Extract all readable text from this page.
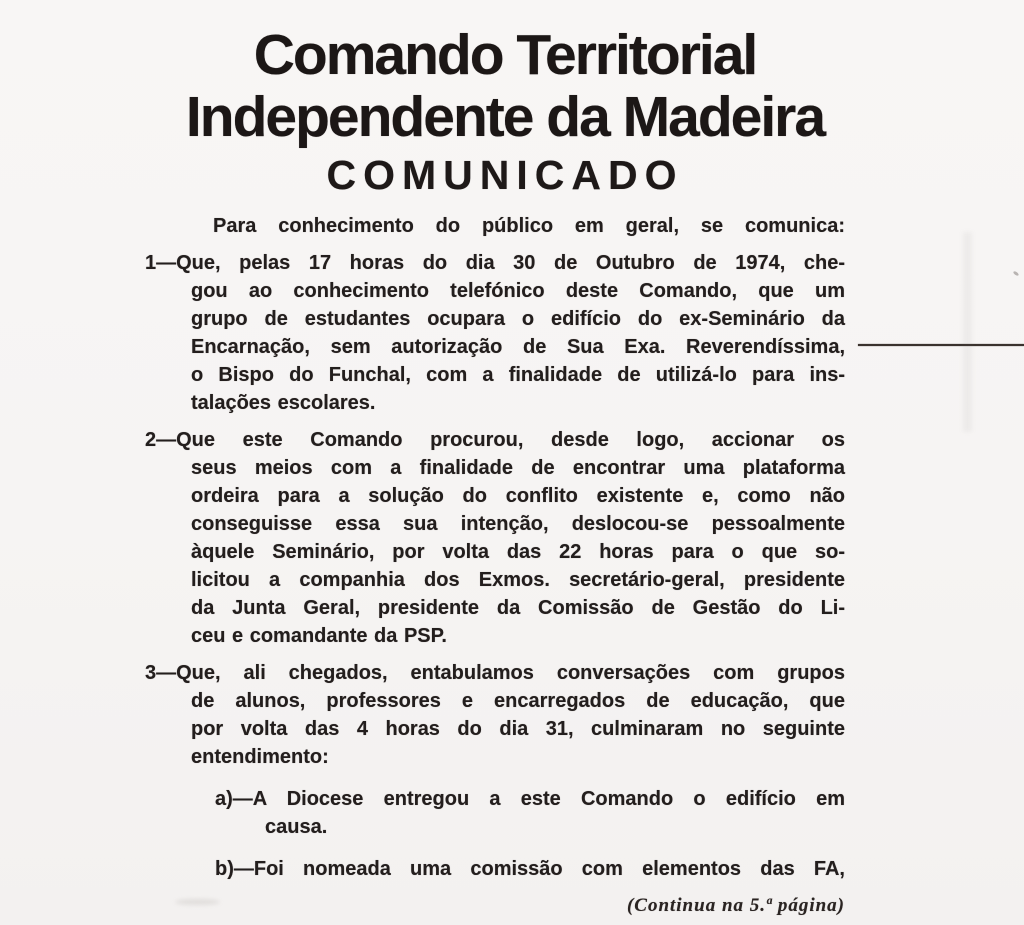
Comando Territorial
Independente da Madeira
COMUNICADO
Para conhecimento do público em geral, se comunica:
1—Que, pelas 17 horas do dia 30 de Outubro de 1974, che-
gou ao conhecimento telefónico deste Comando, que um
grupo de estudantes ocupara o edifício do ex-Seminário da
Encarnação, sem autorização de Sua Exa. Reverendíssima,
o Bispo do Funchal, com a finalidade de utilizá-lo para ins-
talações escolares.
2—Que este Comando procurou, desde logo, accionar os
seus meios com a finalidade de encontrar uma plataforma
ordeira para a solução do conflito existente e, como não
conseguisse essa sua intenção, deslocou-se pessoalmente
àquele Seminário, por volta das 22 horas para o que so-
licitou a companhia dos Exmos. secretário-geral, presidente
da Junta Geral, presidente da Comissão de Gestão do Li-
ceu e comandante da PSP.
3—Que, ali chegados, entabulamos conversações com grupos
de alunos, professores e encarregados de educação, que
por volta das 4 horas do dia 31, culminaram no seguinte
entendimento:
a)—A Diocese entregou a este Comando o edifício em
causa.
b)—Foi nomeada uma comissão com elementos das FA,
(Continua na 5.ª página)
